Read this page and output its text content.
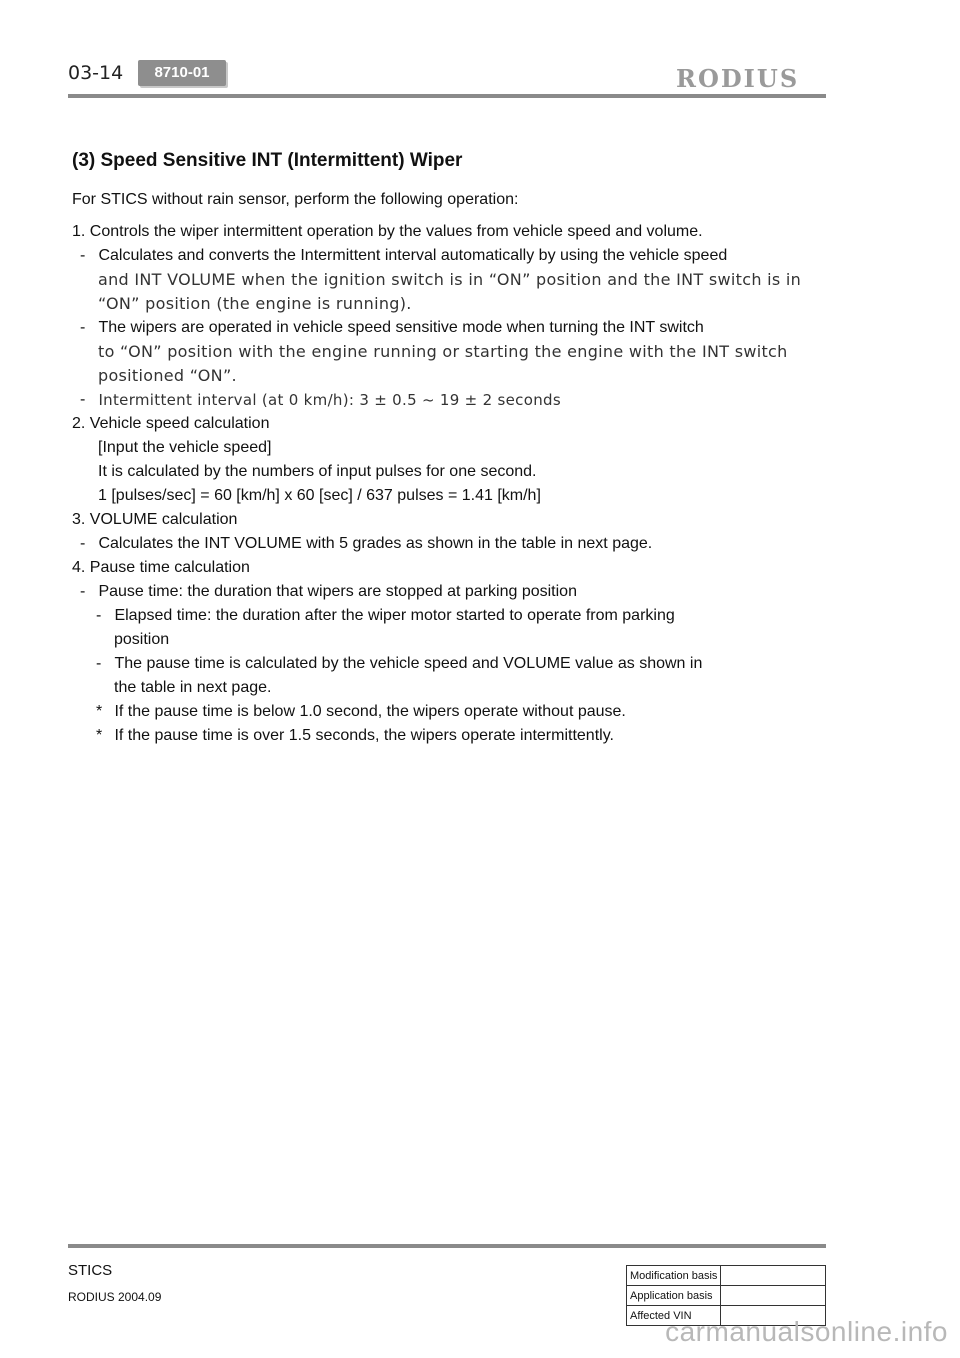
03-14	8710-01	RODIUS
(3) Speed Sensitive INT (Intermittent) Wiper
For STICS without rain sensor, perform the following operation:
1.
Controls the wiper intermittent operation by the values from vehicle speed and volume.
-
Calculates and converts the Intermittent interval automatically by using the vehicle speed
and INT VOLUME when the ignition switch is in “ON” position and the INT switch is in
“ON” position (the engine is running).
-
The wipers are operated in vehicle speed sensitive mode when turning the INT switch
to “ON” position with the engine running or starting the engine with the INT switch
positioned “ON”.
-
Intermittent interval (at 0 km/h): 3 ± 0.5 ~ 19 ± 2 seconds
2.
Vehicle speed calculation
[Input the vehicle speed]
It is calculated by the numbers of input pulses for one second.
1 [pulses/sec] = 60 [km/h] x 60 [sec] / 637 pulses = 1.41 [km/h]
3.
VOLUME calculation
-
Calculates the INT VOLUME with 5 grades as shown in the table in next page.
4.
Pause time calculation
-
Pause time: the duration that wipers are stopped at parking position
-
Elapsed time: the duration after the wiper motor started to operate from parking
position
-
The pause time is calculated by the vehicle speed and VOLUME value as shown in
the table in next page.
*
If the pause time is below 1.0 second, the wipers operate without pause.
*
If the pause time is over 1.5 seconds, the wipers operate intermittently.
STICS
RODIUS 2004.09
Modification basis	
Application basis	
Affected VIN	
carmanualsonline.info
